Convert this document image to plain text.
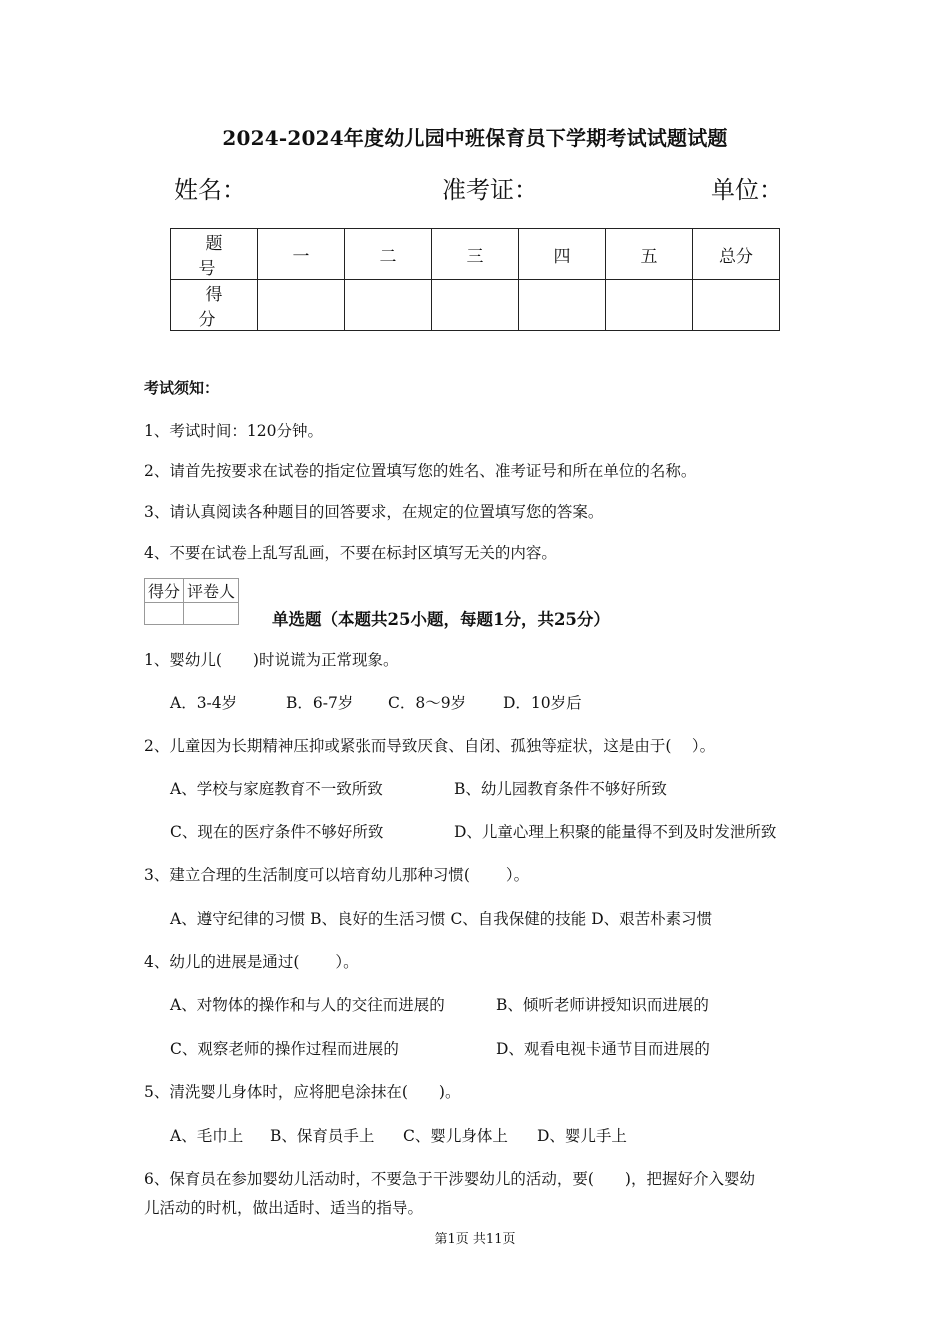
2024-2024年度幼儿园中班保育员下学期考试试题试题
姓名：	准考证：	单位：
题　号	一	二	三	四	五	总分
得　分						
考试须知：
1、考试时间：120分钟。
2、请首先按要求在试卷的指定位置填写您的姓名、准考证号和所在单位的名称。
3、请认真阅读各种题目的回答要求，在规定的位置填写您的答案。
4、不要在试卷上乱写乱画，不要在标封区填写无关的内容。
得分	评卷人

单选题（本题共25小题，每题1分，共25分）
1、婴幼儿(　　)时说谎为正常现象。
A．3-4岁	B．6-7岁 C．8～9岁 D．10岁后
2、儿童因为长期精神压抑或紧张而导致厌食、自闭、孤独等症状，这是由于(　 ）。
A、学校与家庭教育不一致所致	B、幼儿园教育条件不够好所致
C、现在的医疗条件不够好所致	D、儿童心理上积聚的能量得不到及时发泄所致
3、建立合理的生活制度可以培育幼儿那种习惯(　　 ）。
A、遵守纪律的习惯 B、良好的生活习惯 C、自我保健的技能 D、艰苦朴素习惯
4、幼儿的进展是通过(　　 ）。
A、对物体的操作和与人的交往而进展的	B、倾听老师讲授知识而进展的
C、观察老师的操作过程而进展的	D、观看电视卡通节目而进展的
5、清洗婴儿身体时，应将肥皂涂抹在(　　)。
A、毛巾上 B、保育员手上 C、婴儿身体上 D、婴儿手上
6、保育员在参加婴幼儿活动时，不要急于干涉婴幼儿的活动，要(　　)，把握好介入婴幼
儿活动的时机，做出适时、适当的指导。
第1页 共11页
